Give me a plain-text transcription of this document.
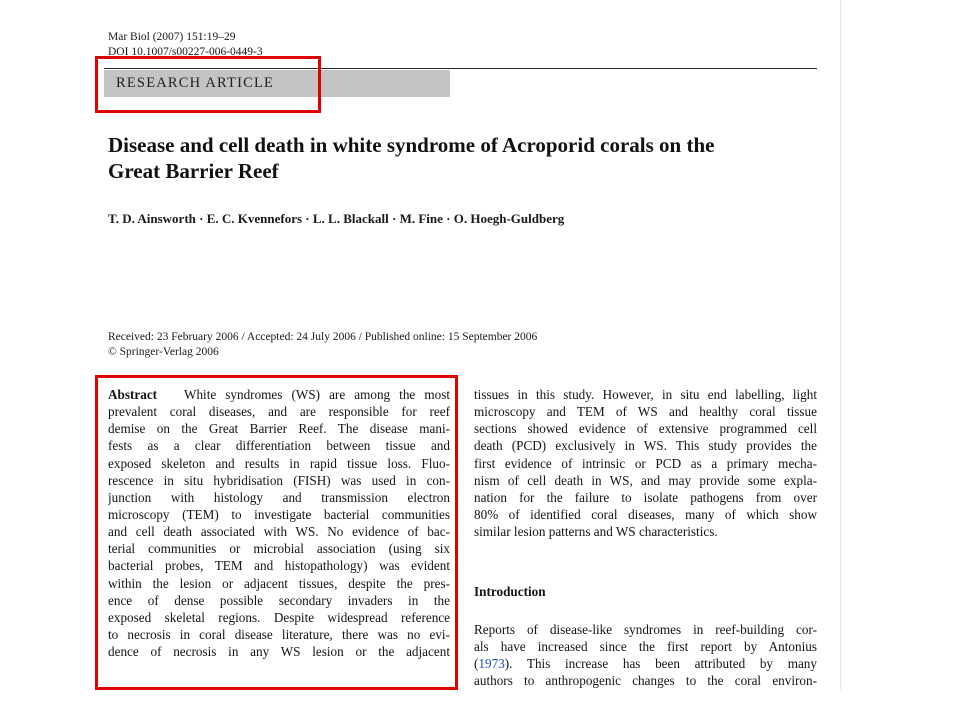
Mar Biol (2007) 151:19–29
DOI 10.1007/s00227-006-0449-3
RESEARCH ARTICLE
Disease and cell death in white syndrome of Acroporid corals on the Great Barrier Reef
T. D. Ainsworth · E. C. Kvennefors · L. L. Blackall · M. Fine · O. Hoegh-Guldberg
Received: 23 February 2006 / Accepted: 24 July 2006 / Published online: 15 September 2006
© Springer-Verlag 2006
Abstract White syndromes (WS) are among the most
prevalent coral diseases, and are responsible for reef
demise on the Great Barrier Reef. The disease mani-
fests as a clear differentiation between tissue and
exposed skeleton and results in rapid tissue loss. Fluo-
rescence in situ hybridisation (FISH) was used in con-
junction with histology and transmission electron
microscopy (TEM) to investigate bacterial communities
and cell death associated with WS. No evidence of bac-
terial communities or microbial association (using six
bacterial probes, TEM and histopathology) was evident
within the lesion or adjacent tissues, despite the pres-
ence of dense possible secondary invaders in the
exposed skeletal regions. Despite widespread reference
to necrosis in coral disease literature, there was no evi-
dence of necrosis in any WS lesion or the adjacent
tissues in this study. However, in situ end labelling, light
microscopy and TEM of WS and healthy coral tissue
sections showed evidence of extensive programmed cell
death (PCD) exclusively in WS. This study provides the
first evidence of intrinsic or PCD as a primary mecha-
nism of cell death in WS, and may provide some expla-
nation for the failure to isolate pathogens from over
80% of identified coral diseases, many of which show
similar lesion patterns and WS characteristics.
Introduction
Reports of disease-like syndromes in reef-building cor-
als have increased since the first report by Antonius
(1973). This increase has been attributed by many
authors to anthropogenic changes to the coral environ-
